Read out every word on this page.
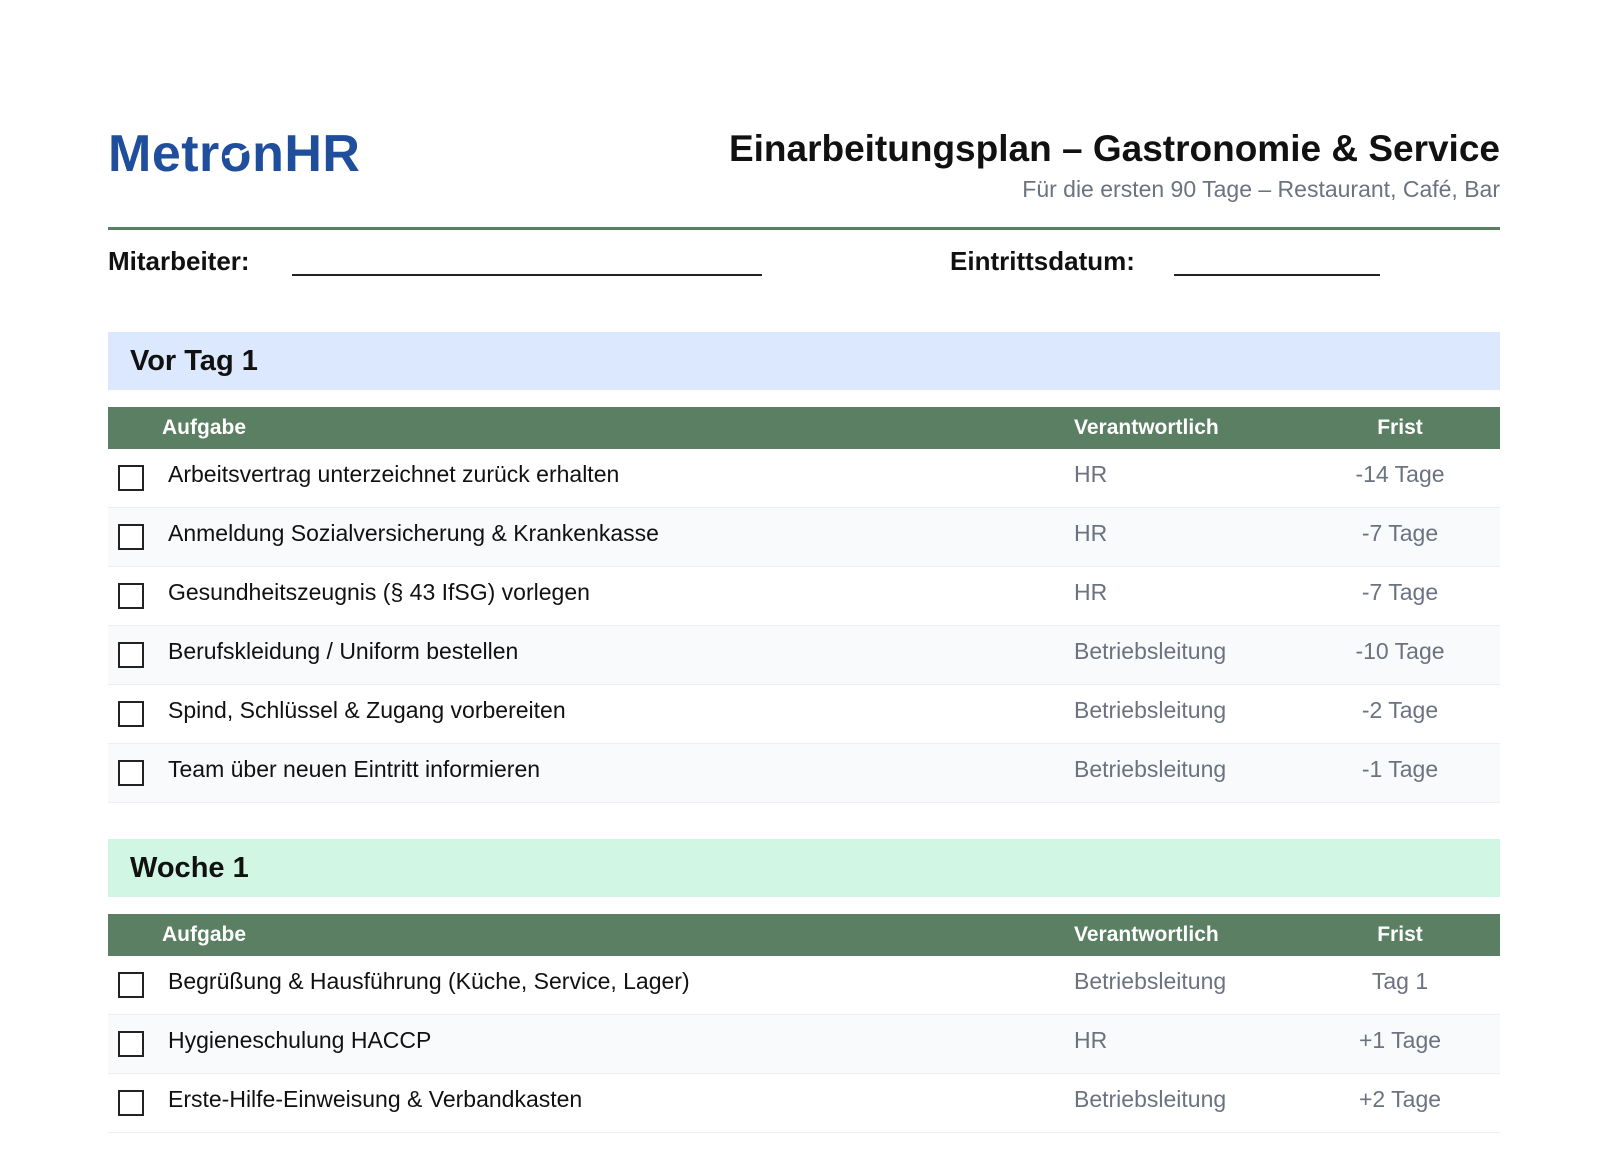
Metro
nHR	Einarbeitungsplan – Gastronomie & Service
Für die ersten 90 Tage – Restaurant, Café, Bar
Mitarbeiter:	Eintrittsdatum:
Vor Tag 1
Aufgabe	Verantwortlich	Frist
Arbeitsvertrag unterzeichnet zurück erhalten	HR	-14 Tage
Anmeldung Sozialversicherung & Krankenkasse	HR	-7 Tage
Gesundheitszeugnis (§ 43 IfSG) vorlegen	HR	-7 Tage
Berufskleidung / Uniform bestellen	Betriebsleitung	-10 Tage
Spind, Schlüssel & Zugang vorbereiten	Betriebsleitung	-2 Tage
Team über neuen Eintritt informieren	Betriebsleitung	-1 Tage
Woche 1
Aufgabe	Verantwortlich	Frist
Begrüßung & Hausführung (Küche, Service, Lager)	Betriebsleitung	Tag 1
Hygieneschulung HACCP	HR	+1 Tage
Erste-Hilfe-Einweisung & Verbandkasten	Betriebsleitung	+2 Tage
